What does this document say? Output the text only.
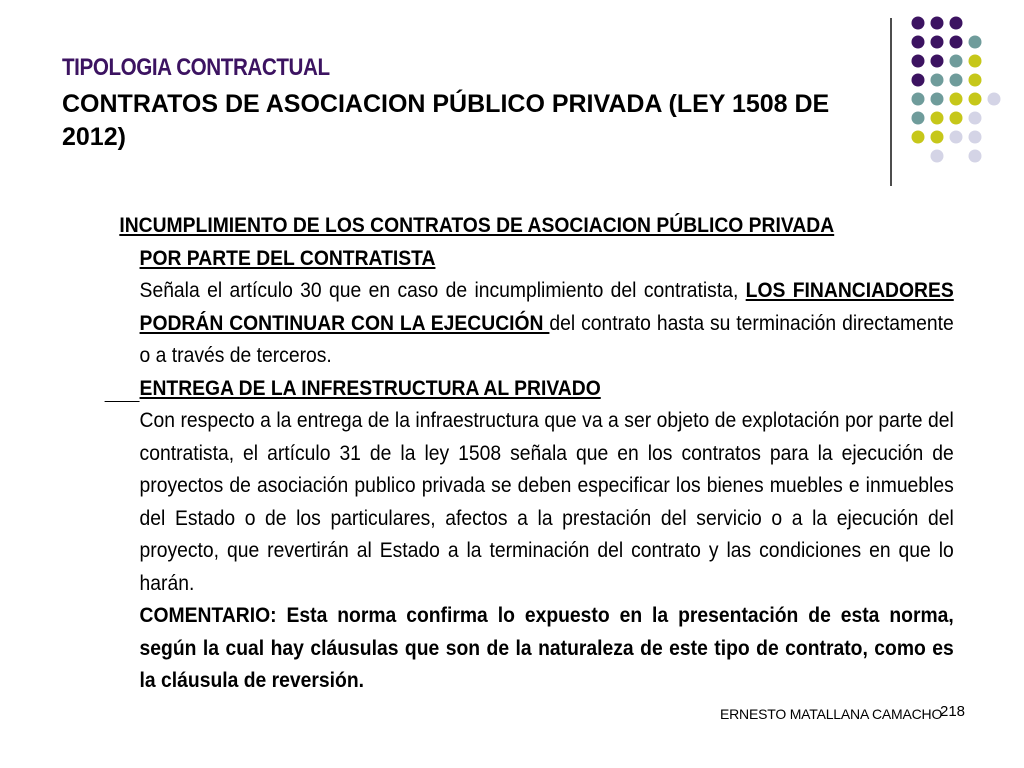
TIPOLOGIA CONTRACTUAL
CONTRATOS DE ASOCIACION PÚBLICO PRIVADA (LEY 1508 DE 2012)
INCUMPLIMIENTO DE LOS CONTRATOS DE ASOCIACION PÚBLICO PRIVADA
POR PARTE DEL CONTRATISTA
Señala el artículo 30 que en caso de incumplimiento del contratista, LOS FINANCIADORES PODRÁN CONTINUAR CON LA EJECUCIÓN del contrato hasta su terminación directamente o a través de terceros.
ENTREGA DE LA INFRESTRUCTURA AL PRIVADO
Con respecto a la entrega de la infraestructura que va a ser objeto de explotación por parte del contratista, el artículo 31 de la ley 1508 señala que en los contratos para la ejecución de proyectos de asociación publico privada se deben especificar los bienes muebles e inmuebles del Estado o de los particulares, afectos a la prestación del servicio o a la ejecución del proyecto, que revertirán al Estado a la terminación del contrato y las condiciones en que lo harán.
COMENTARIO: Esta norma confirma lo expuesto en la presentación de esta norma, según la cual hay cláusulas que son de la naturaleza de este tipo de contrato, como es la cláusula de reversión.
ERNESTO MATALLANA CAMACHO
218
